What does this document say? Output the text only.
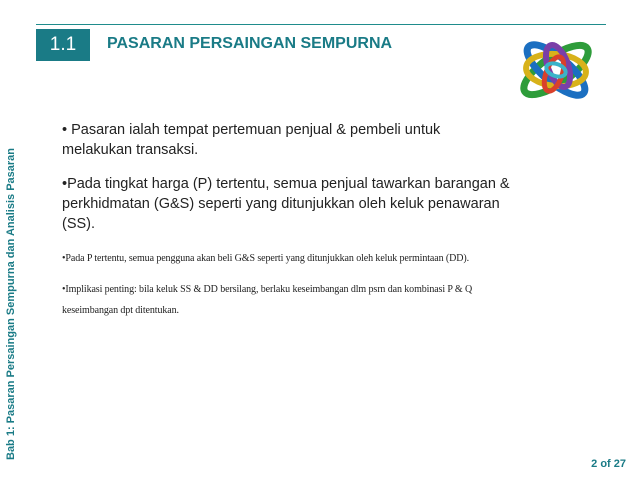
1.1	PASARAN PERSAINGAN SEMPURNA
Bab 1: Pasaran Persaingan Sempurna dan Analisis Pasaran

• Pasaran ialah tempat pertemuan penjual & pembeli untuk melakukan transaksi.

•Pada tingkat harga (P) tertentu, semua penjual tawarkan barangan & perkhidmatan (G&S) seperti yang ditunjukkan oleh keluk penawaran (SS).

•Pada P tertentu, semua pengguna akan beli G&S seperti yang ditunjukkan oleh keluk permintaan (DD).

•Implikasi penting: bila keluk SS & DD bersilang, berlaku keseimbangan dlm psrn dan kombinasi P & Q keseimbangan dpt ditentukan.

2 of 27
